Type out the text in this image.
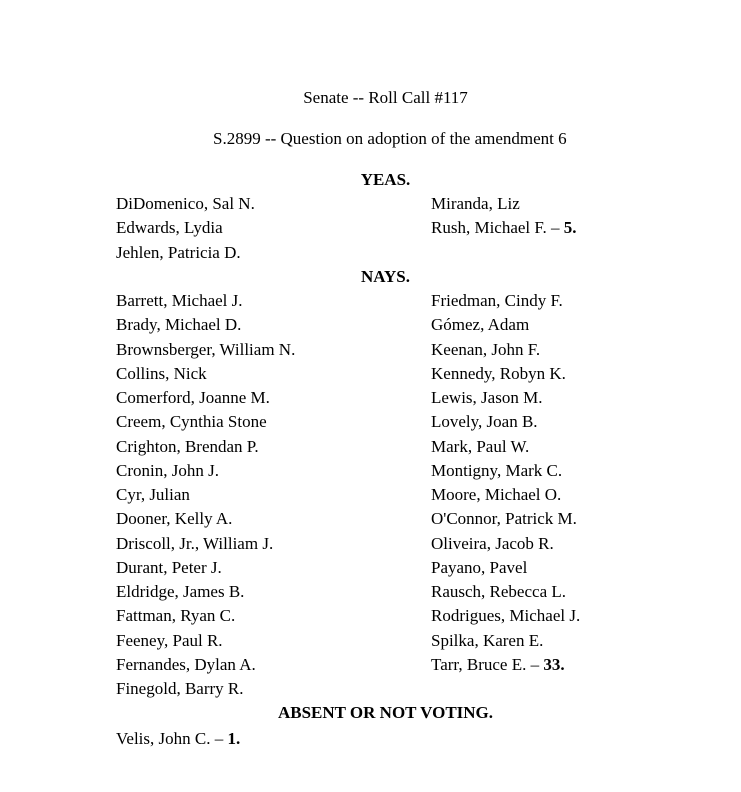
Senate -- Roll Call #117
S.2899 -- Question on adoption of the amendment 6
YEAS.
DiDomenico, Sal N.
Edwards, Lydia
Jehlen, Patricia D.
Miranda, Liz
Rush, Michael F. – 5.
NAYS.
Barrett, Michael J.
Brady, Michael D.
Brownsberger, William N.
Collins, Nick
Comerford, Joanne M.
Creem, Cynthia Stone
Crighton, Brendan P.
Cronin, John J.
Cyr, Julian
Dooner, Kelly A.
Driscoll, Jr., William J.
Durant, Peter J.
Eldridge, James B.
Fattman, Ryan C.
Feeney, Paul R.
Fernandes, Dylan A.
Finegold, Barry R.
Friedman, Cindy F.
Gómez, Adam
Keenan, John F.
Kennedy, Robyn K.
Lewis, Jason M.
Lovely, Joan B.
Mark, Paul W.
Montigny, Mark C.
Moore, Michael O.
O'Connor, Patrick M.
Oliveira, Jacob R.
Payano, Pavel
Rausch, Rebecca L.
Rodrigues, Michael J.
Spilka, Karen E.
Tarr, Bruce E. – 33.
ABSENT OR NOT VOTING.
Velis, John C. – 1.
